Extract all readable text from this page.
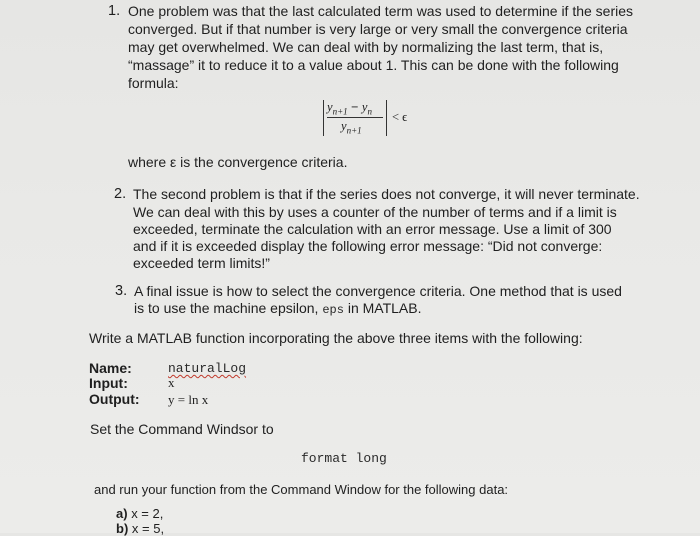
1. One problem was that the last calculated term was used to determine if the series
converged. But if that number is very large or very small the convergence criteria
may get overwhelmed. We can deal with by normalizing the last term, that is,
“massage” it to reduce it to a value about 1. This can be done with the following
formula:
$y_{n+1} - y_n$
$y_{n+1}$
< ϵ
where ε is the convergence criteria.
2. The second problem is that if the series does not converge, it will never terminate.
We can deal with this by uses a counter of the number of terms and if a limit is
exceeded, terminate the calculation with an error message. Use a limit of 300
and if it is exceeded display the following error message: “Did not converge:
exceeded term limits!”
3. A final issue is how to select the convergence criteria. One method that is used
is to use the machine epsilon, eps in MATLAB.
Write a MATLAB function incorporating the above three items with the following:
Name:	naturalLog
Input:	x
Output: y = ln x
Set the Command Windsor to
format long
and run your function from the Command Window for the following data:
a) x = 2,
b) x = 5,
